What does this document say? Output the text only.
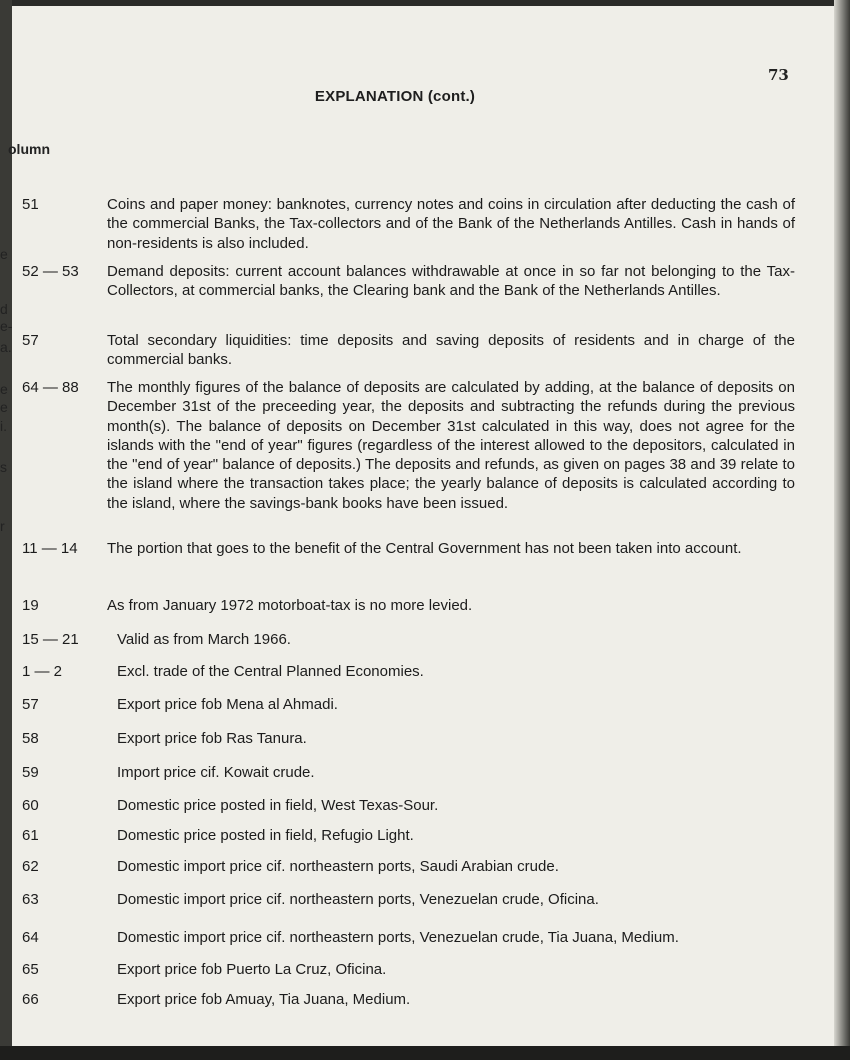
73
EXPLANATION (cont.)
olumn
e
d
e-
a.
e
e
i.
s
r
51	Coins and paper money: banknotes, currency notes and coins in circulation after deducting the cash of the commercial Banks, the Tax-collectors and of the Bank of the Netherlands Antilles. Cash in hands of non-residents is also included.
52 — 53 Demand deposits: current account balances withdrawable at once in so far not belonging to the Tax-Collectors, at commercial banks, the Clearing bank and the Bank of the Netherlands Antilles.
57	Total secondary liquidities: time deposits and saving deposits of residents and in charge of the commercial banks.
64 — 88 The monthly figures of the balance of deposits are calculated by adding, at the balance of deposits on December 31st of the preceeding year, the deposits and subtracting the refunds during the previous month(s). The balance of deposits on December 31st calculated in this way, does not agree for the islands with the "end of year" figures (regardless of the interest allowed to the depositors, calculated in the "end of year" balance of deposits.) The deposits and refunds, as given on pages 38 and 39 relate to the island where the transaction takes place; the yearly balance of deposits is calculated according to the island, where the savings-bank books have been issued.
11 — 14 The portion that goes to the benefit of the Central Government has not been taken into account.
19	As from January 1972 motorboat-tax is no more levied.
15 — 21	Valid as from March 1966.
1 — 2	Excl. trade of the Central Planned Economies.
57	Export price fob Mena al Ahmadi.
58	Export price fob Ras Tanura.
59	Import price cif. Kowait crude.
60	Domestic price posted in field, West Texas-Sour.
61	Domestic price posted in field, Refugio Light.
62	Domestic import price cif. northeastern ports, Saudi Arabian crude.
63	Domestic import price cif. northeastern ports, Venezuelan crude, Oficina.
64	Domestic import price cif. northeastern ports, Venezuelan crude, Tia Juana, Medium.
65	Export price fob Puerto La Cruz, Oficina.
66	Export price fob Amuay, Tia Juana, Medium.
